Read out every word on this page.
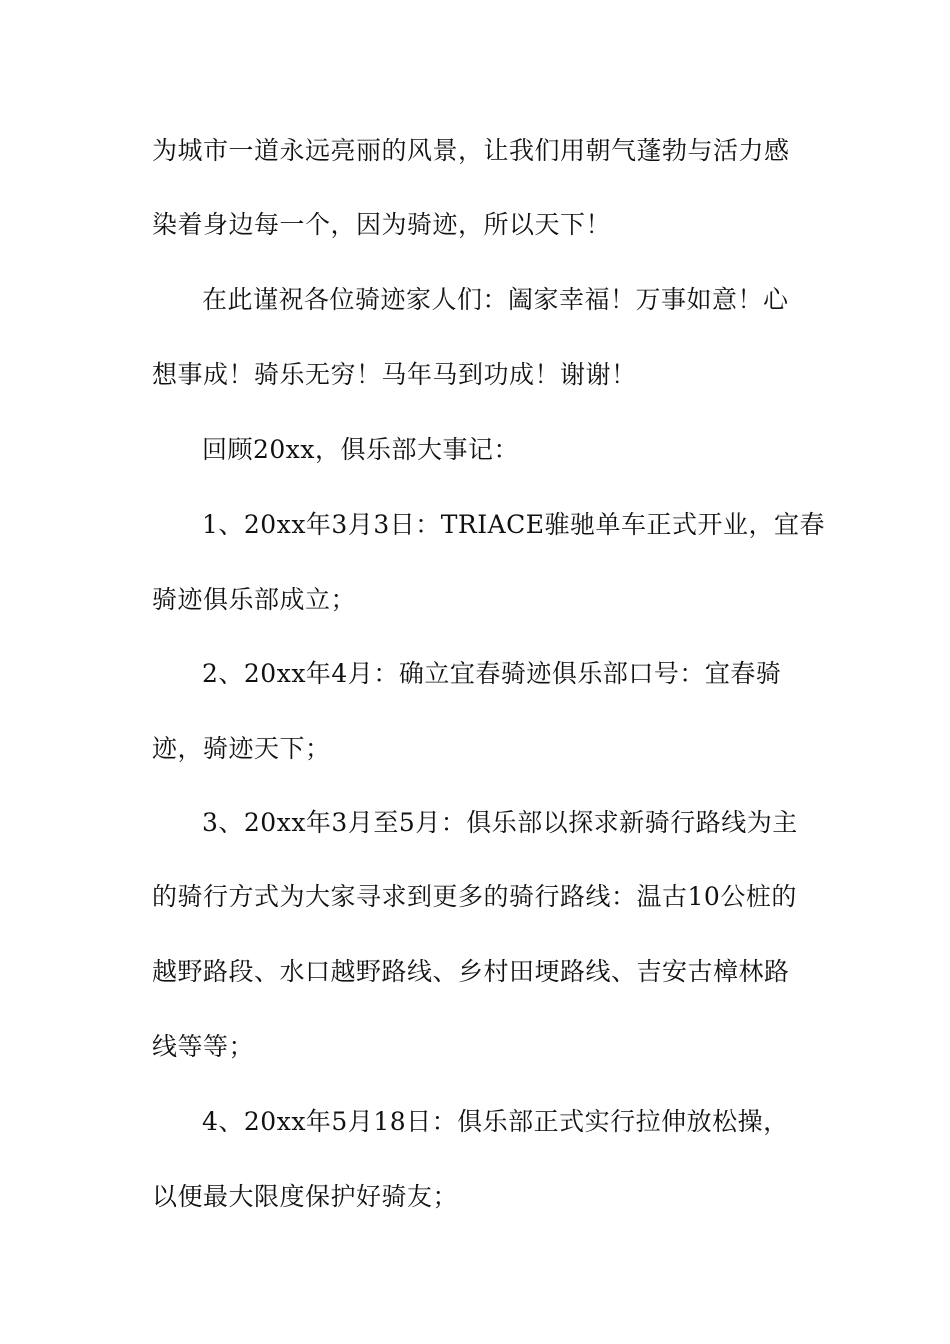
为城市一道永远亮丽的风景，让我们用朝气蓬勃与活力感
染着身边每一个，因为骑迹，所以天下！
在此谨祝各位骑迹家人们：阖家幸福！万事如意！心
想事成！骑乐无穷！马年马到功成！谢谢！
回顾20xx，俱乐部大事记：
1、20xx年3月3日：TRIACE骓驰单车正式开业，宜春
骑迹俱乐部成立；
2、20xx年4月：确立宜春骑迹俱乐部口号：宜春骑
迹，骑迹天下；
3、20xx年3月至5月：俱乐部以探求新骑行路线为主
的骑行方式为大家寻求到更多的骑行路线：温古10公桩的
越野路段、水口越野路线、乡村田埂路线、吉安古樟林路
线等等；
4、20xx年5月18日：俱乐部正式实行拉伸放松操，
以便最大限度保护好骑友；
